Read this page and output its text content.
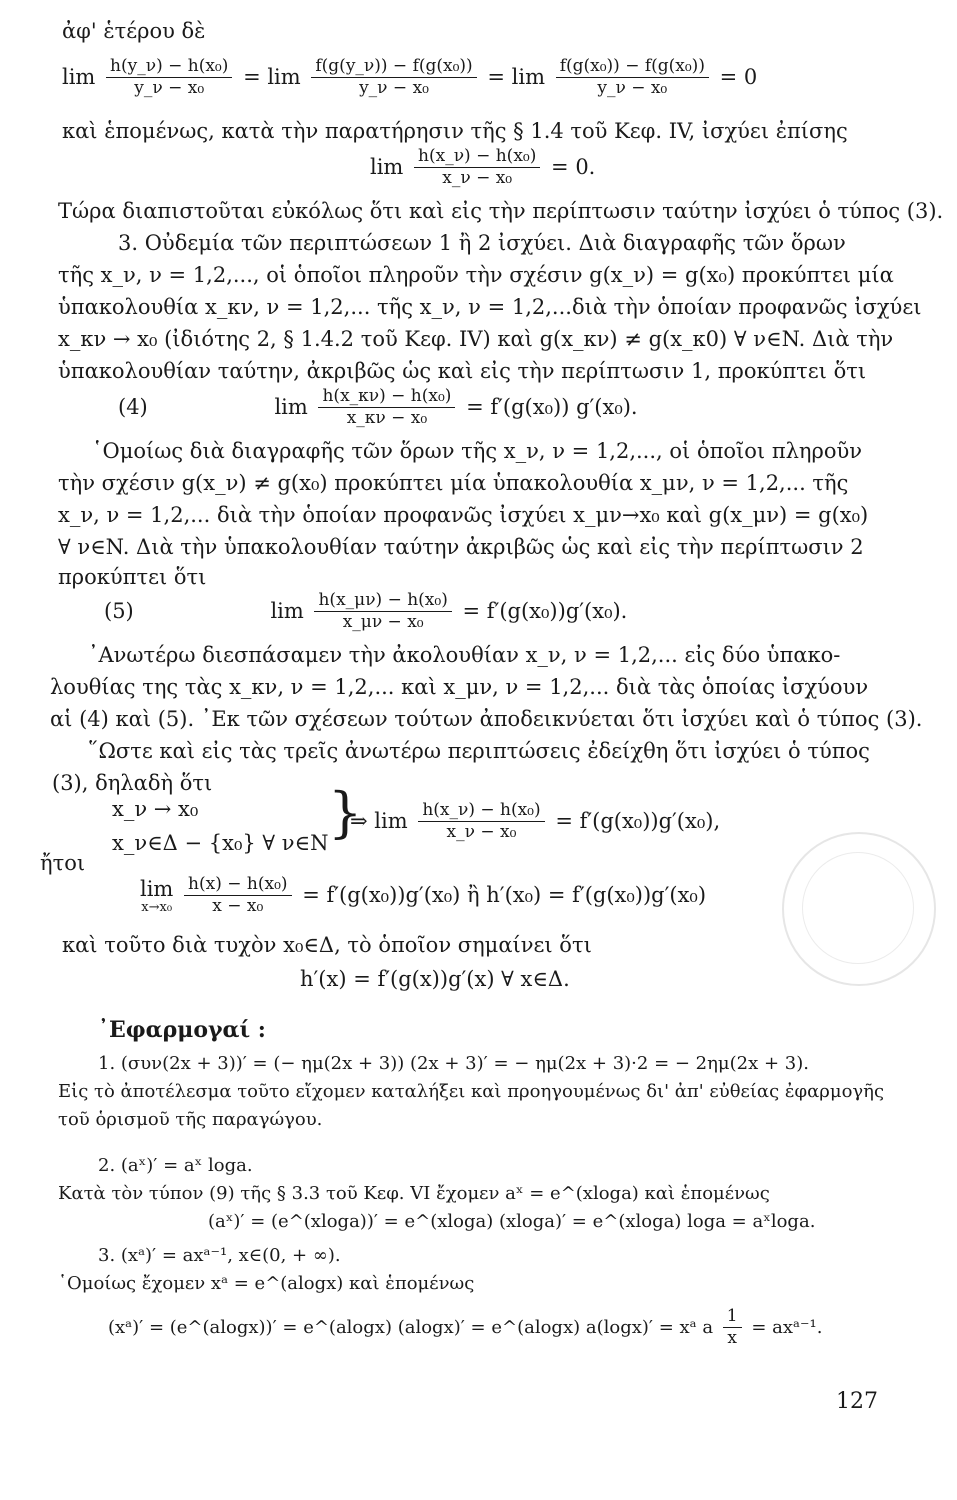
ἀφ' ἑτέρου δὲ
$\lim \frac{\text{h(y\_ν) − h(x₀)}}{\text{y\_ν − x₀}} = \lim \frac{\text{f(g(y\_ν)) − f(g(x₀))}}{\text{y\_ν − x₀}} = \lim \frac{\text{f(g(x₀)) − f(g(x₀))}}{\text{y\_ν − x₀}} = 0$
καὶ ἑπομένως, κατὰ τὴν παρατήρησιν τῆς § 1.4 τοῦ Κεφ. IV, ἰσχύει ἐπίσης
$\lim \frac{\text{h(x\_ν) − h(x₀)}}{\text{x\_ν − x₀}} = 0$.
Τώρα διαπιστοῦται εὐκόλως ὅτι καὶ εἰς τὴν περίπτωσιν ταύτην ἰσχύει ὁ τύπος (3).
3. Οὐδεμία τῶν περιπτώσεων 1 ἢ 2 ἰσχύει. Διὰ διαγραφῆς τῶν ὅρων
τῆς x_ν, ν = 1,2,..., οἱ ὁποῖοι πληροῦν τὴν σχέσιν g(x_ν) = g(x₀) προκύπτει μία
ὑπακολουθία x_κν, ν = 1,2,... τῆς x_ν, ν = 1,2,...διὰ τὴν ὁποίαν προφανῶς ἰσχύει
x_κν → x₀ (ἰδιότης 2, § 1.4.2 τοῦ Κεφ. IV) καὶ g(x_κν) ≠ g(x_κ0) ∀ ν∈N. Διὰ τὴν
ὑπακολουθίαν ταύτην, ἀκριβῶς ὡς καὶ εἰς τὴν περίπτωσιν 1, προκύπτει ὅτι
(4)	$\lim \frac{\text{h(x\_κν) − h(x₀)}}{\text{x\_κν − x₀}} = f'(g(x_0))$ g′(x₀).
῾Ομοίως διὰ διαγραφῆς τῶν ὅρων τῆς x_ν, ν = 1,2,..., οἱ ὁποῖοι πληροῦν
τὴν σχέσιν g(x_ν) ≠ g(x₀) προκύπτει μία ὑπακολουθία x_μν, ν = 1,2,... τῆς
x_ν, ν = 1,2,... διὰ τὴν ὁποίαν προφανῶς ἰσχύει x_μν→x₀ καὶ g(x_μν) = g(x₀)
∀ ν∈N. Διὰ τὴν ὑπακολουθίαν ταύτην ἀκριβῶς ὡς καὶ εἰς τὴν περίπτωσιν 2
προκύπτει ὅτι
(5)	$\lim \frac{\text{h(x\_μν) − h(x₀)}}{\text{x\_μν − x₀}} = f'(g(x_0))g'(x_0)$.
᾿Ανωτέρω διεσπάσαμεν τὴν ἀκολουθίαν x_ν, ν = 1,2,... εἰς δύο ὑπακο-
λουθίας της τὰς x_κν, ν = 1,2,... καὶ x_μν, ν = 1,2,... διὰ τὰς ὁποίας ἰσχύουν
αἱ (4) καὶ (5). ᾿Εκ τῶν σχέσεων τούτων ἀποδεικνύεται ὅτι ἰσχύει καὶ ὁ τύπος (3).
῞Ωστε καὶ εἰς τὰς τρεῖς ἀνωτέρω περιπτώσεις ἐδείχθη ὅτι ἰσχύει ὁ τύπος
(3), δηλαδὴ ὅτι
x_ν → x₀
x_ν∈Δ − {x₀} ∀ ν∈N }
⇒ $\lim \frac{\text{h(x\_ν) − h(x₀)}}{\text{x\_ν − x₀}} = f'(g(x_0))g'(x_0)$,
ἤτοι
lim
x→x₀
$\frac{\text{h(x) − h(x₀)}}{\text{x − x₀}} = f'(g(x_0))g'(x_0)$ ἢ h′(x₀) = f′(g(x₀))g′(x₀)
καὶ τοῦτο διὰ τυχὸν x₀∈Δ, τὸ ὁποῖον σημαίνει ὅτι
h′(x) = f′(g(x))g′(x) ∀ x∈Δ.
᾿Εφαρμογαί :
1. (συν(2x + 3))′ = (− ημ(2x + 3)) (2x + 3)′ = − ημ(2x + 3)·2 = − 2ημ(2x + 3).
Εἰς τὸ ἀποτέλεσμα τοῦτο εἴχομεν καταλήξει καὶ προηγουμένως δι' ἀπ' εὐθείας ἐφαρμογῆς
τοῦ ὁρισμοῦ τῆς παραγώγου.
2. (aˣ)′ = aˣ loga.
Κατὰ τὸν τύπον (9) τῆς § 3.3 τοῦ Κεφ. VI ἔχομεν aˣ = e^(xloga) καὶ ἑπομένως
(aˣ)′ = (e^(xloga))′ = e^(xloga) (xloga)′ = e^(xloga) loga = aˣloga.
3. (xᵃ)′ = axᵃ⁻¹, x∈(0, + ∞).
῾Ομοίως ἔχομεν xᵃ = e^(alogx) καὶ ἑπομένως
(xᵃ)′ = (e^(alogx))′ = e^(alogx) (alogx)′ = e^(alogx) a(logx)′ = xᵃ a $\frac{1}{x}$ = axᵃ⁻¹.
127
